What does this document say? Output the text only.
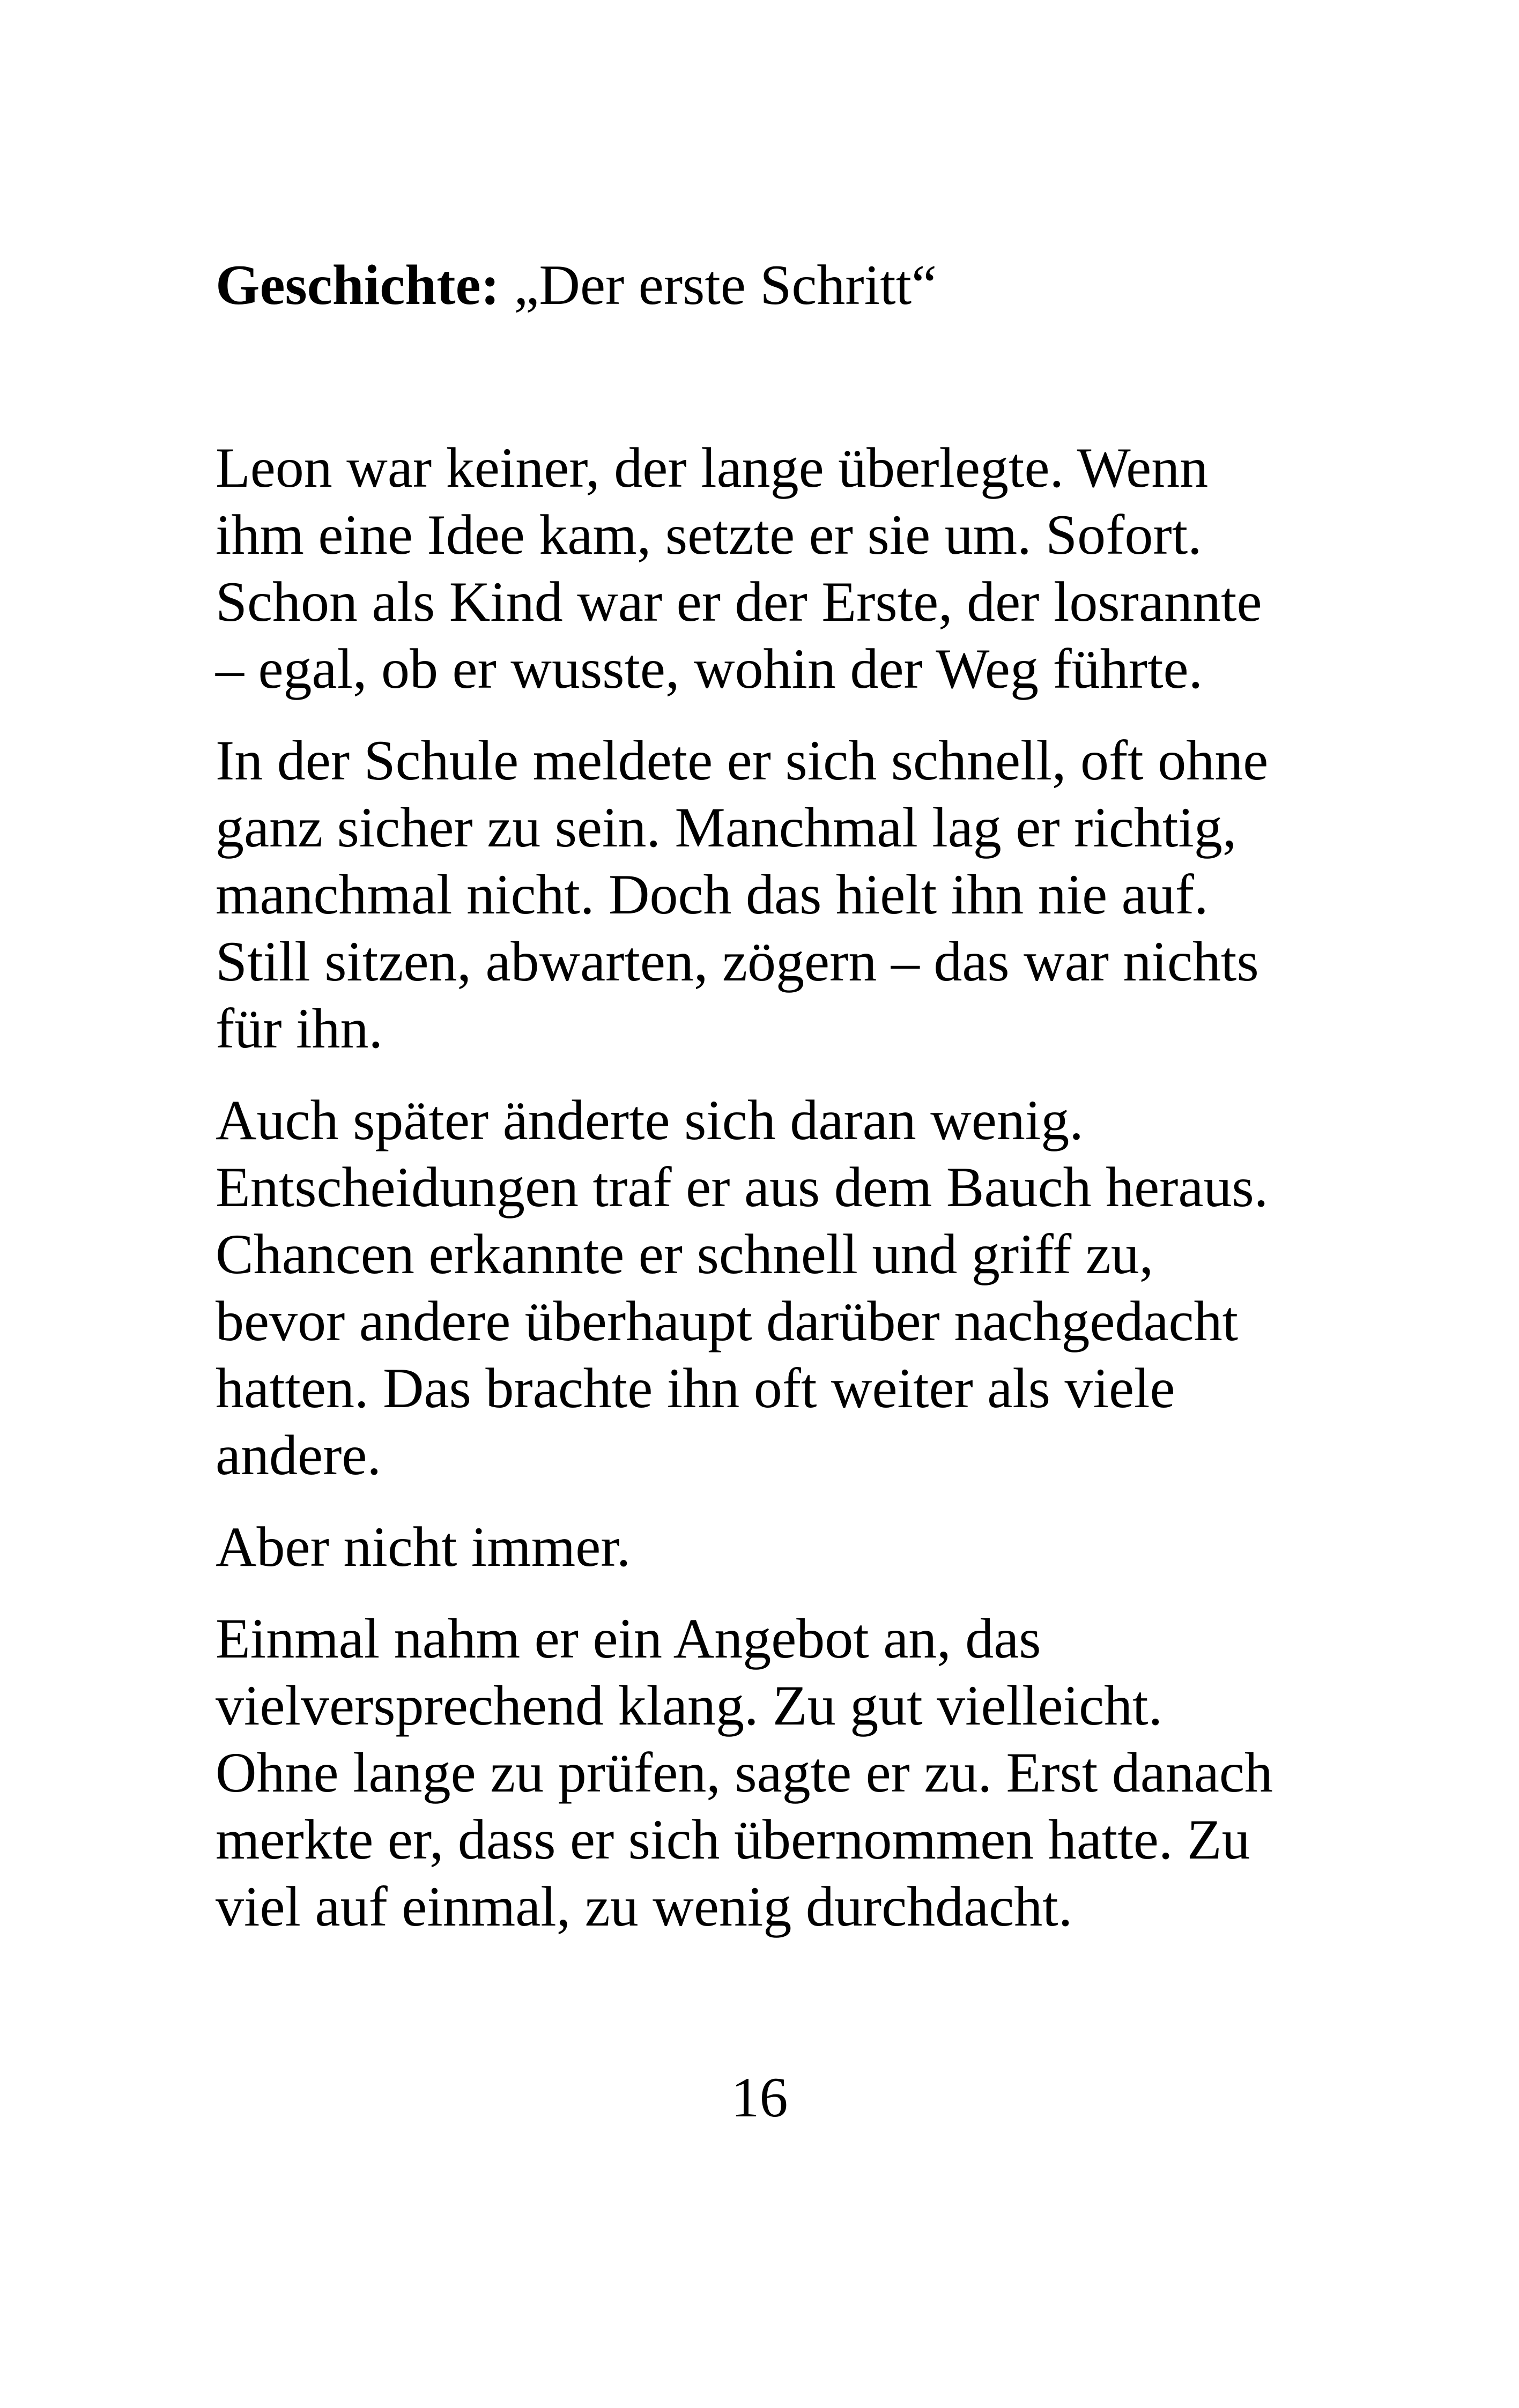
Geschichte: „Der erste Schritt“

Leon war keiner, der lange überlegte. Wenn
ihm eine Idee kam, setzte er sie um. Sofort.
Schon als Kind war er der Erste, der losrannte
– egal, ob er wusste, wohin der Weg führte.

In der Schule meldete er sich schnell, oft ohne
ganz sicher zu sein. Manchmal lag er richtig,
manchmal nicht. Doch das hielt ihn nie auf.
Still sitzen, abwarten, zögern – das war nichts
für ihn.

Auch später änderte sich daran wenig.
Entscheidungen traf er aus dem Bauch heraus.
Chancen erkannte er schnell und griff zu,
bevor andere überhaupt darüber nachgedacht
hatten. Das brachte ihn oft weiter als viele
andere.

Aber nicht immer.

Einmal nahm er ein Angebot an, das
vielversprechend klang. Zu gut vielleicht.
Ohne lange zu prüfen, sagte er zu. Erst danach
merkte er, dass er sich übernommen hatte. Zu
viel auf einmal, zu wenig durchdacht.

16
